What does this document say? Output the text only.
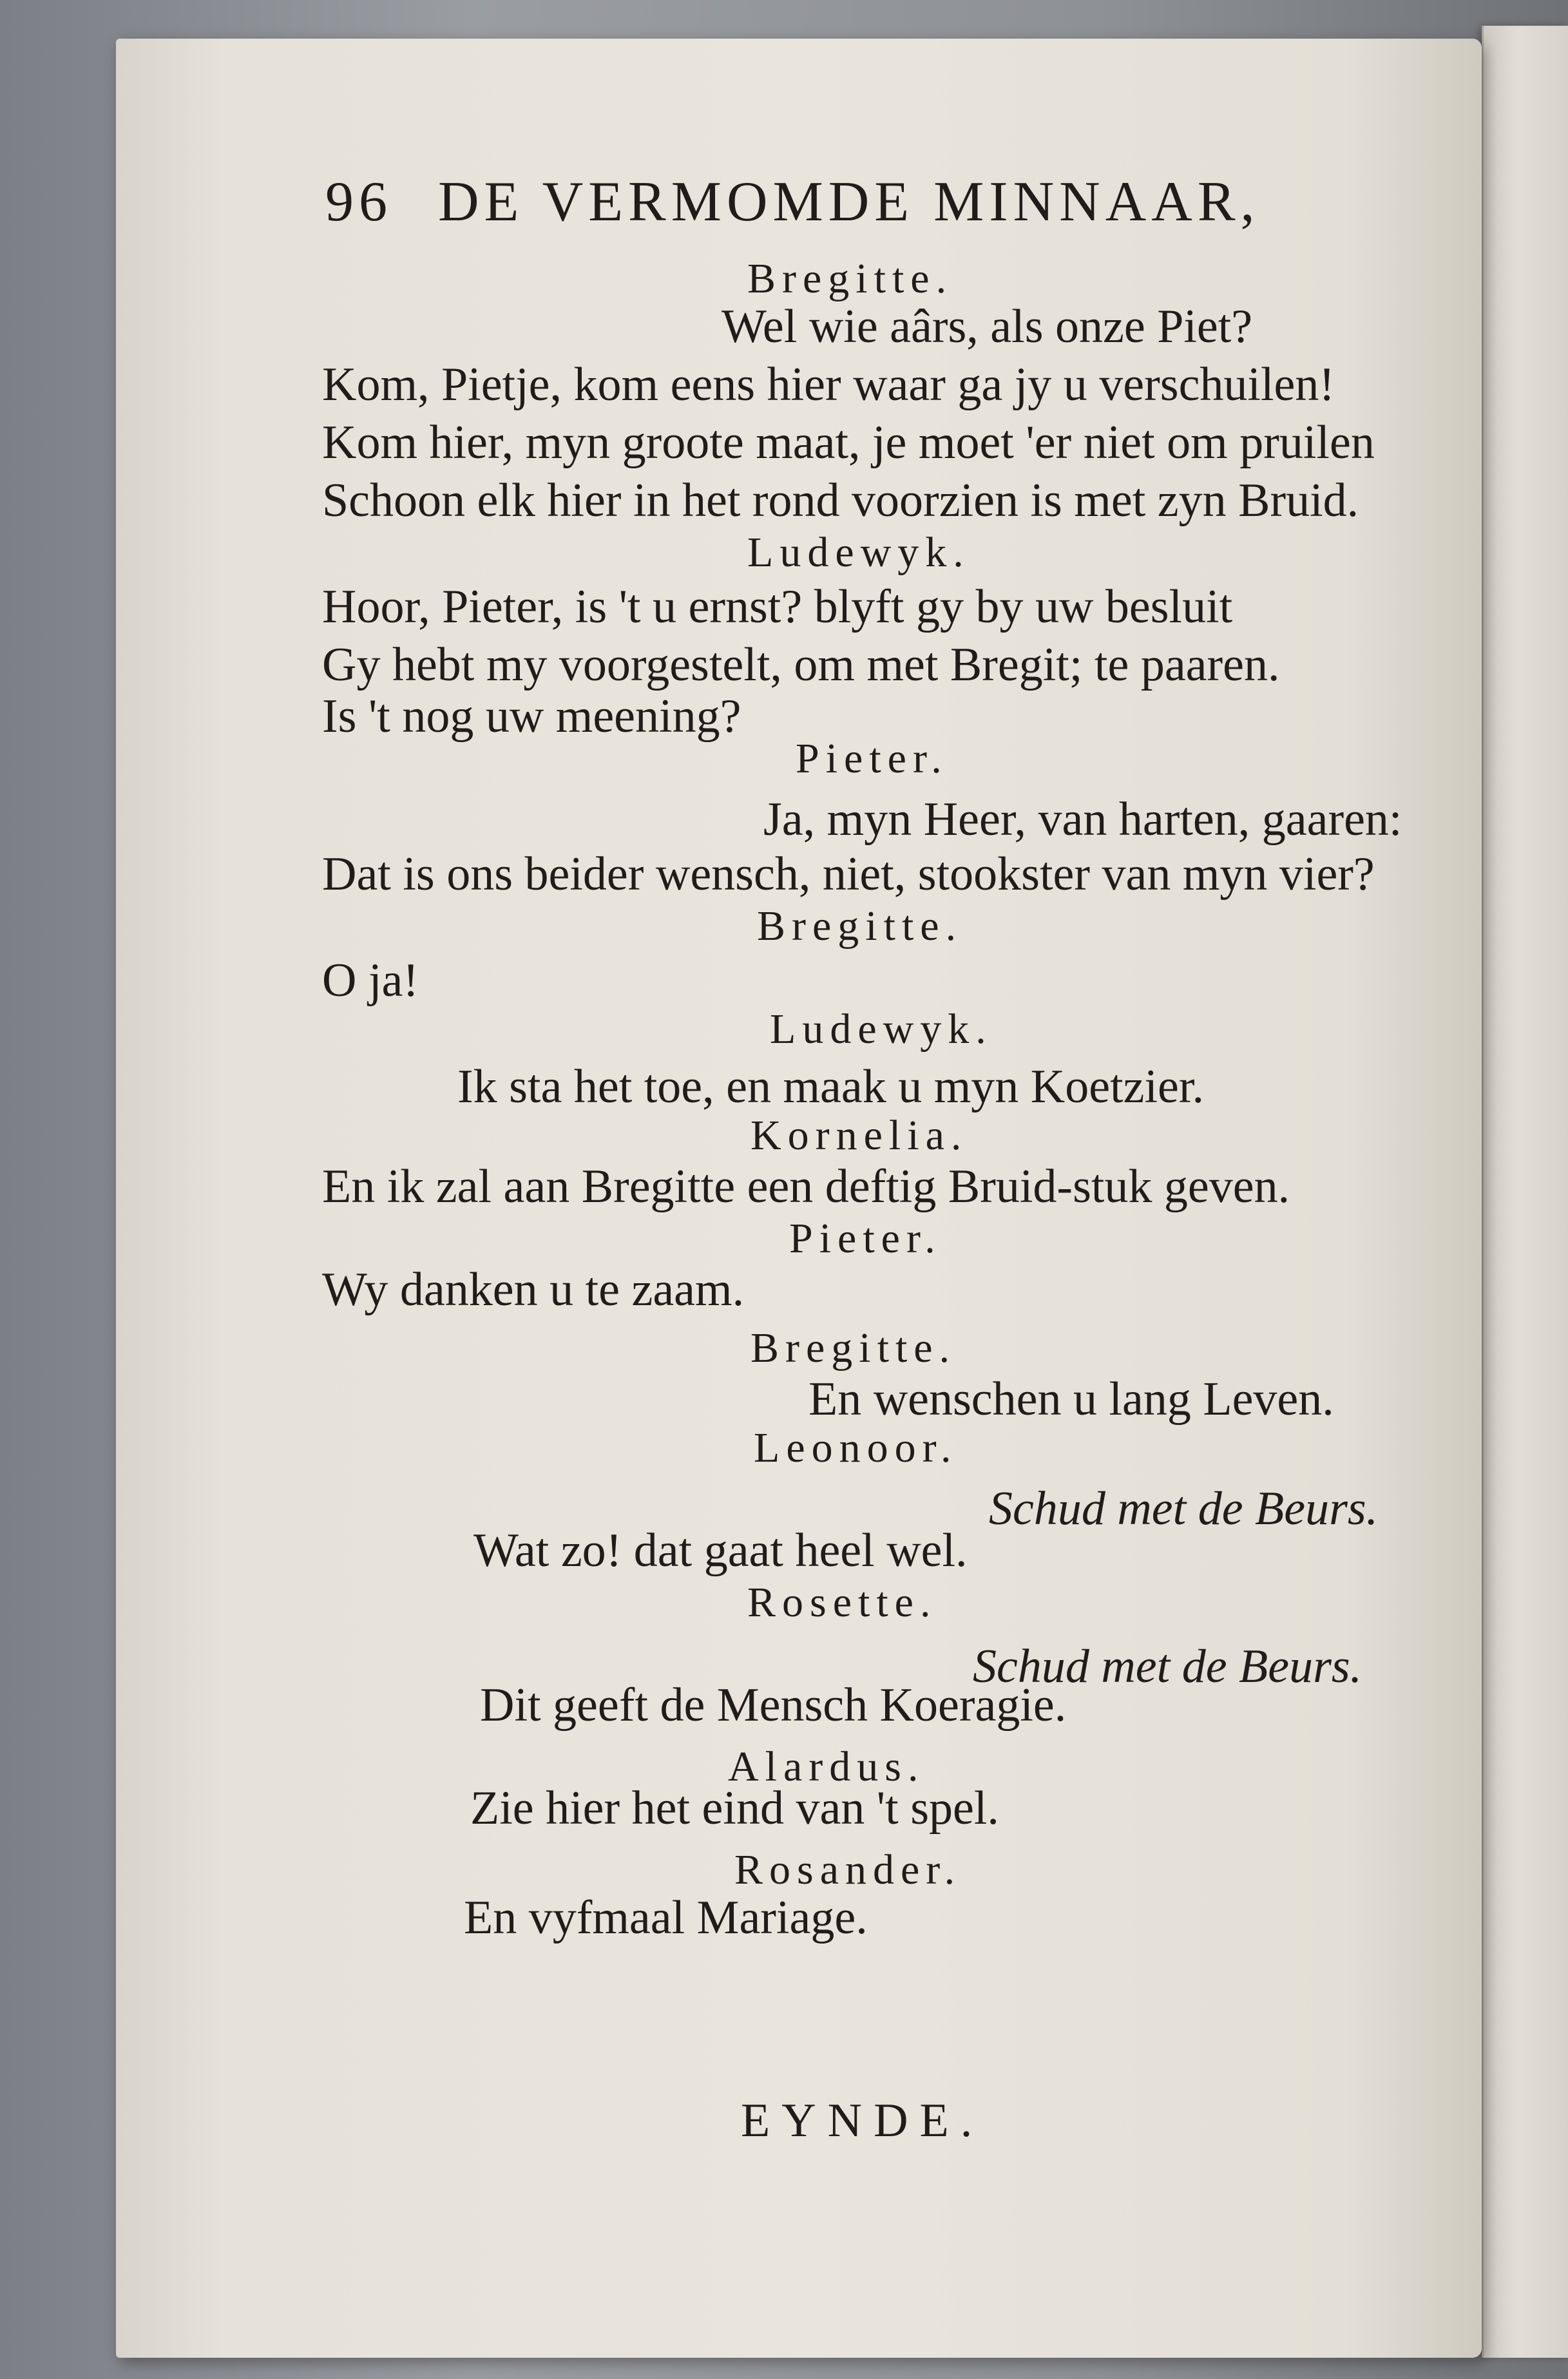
96 DE VERMOMDE MINNAAR,
Bregitte.
Wel wie aârs, als onze Piet?
Kom, Pietje, kom eens hier waar ga jy u verschuilen!
Kom hier, myn groote maat, je moet 'er niet om pruilen
Schoon elk hier in het rond voorzien is met zyn Bruid.
Ludewyk.
Hoor, Pieter, is 't u ernst? blyft gy by uw besluit
Gy hebt my voorgestelt, om met Bregit; te paaren.
Is 't nog uw meening?
Pieter.
Ja, myn Heer, van harten, gaaren:
Dat is ons beider wensch, niet, stookster van myn vier?
Bregitte.
O ja!
Ludewyk.
Ik sta het toe, en maak u myn Koetzier.
Kornelia.
En ik zal aan Bregitte een deftig Bruid-stuk geven.
Pieter.
Wy danken u te zaam.
Bregitte.
En wenschen u lang Leven.
Leonoor.
Schud met de Beurs.
Wat zo! dat gaat heel wel.
Rosette.
Schud met de Beurs.
Dit geeft de Mensch Koeragie.
Alardus.
Zie hier het eind van 't spel.
Rosander.
En vyfmaal Mariage.
EYNDE.
